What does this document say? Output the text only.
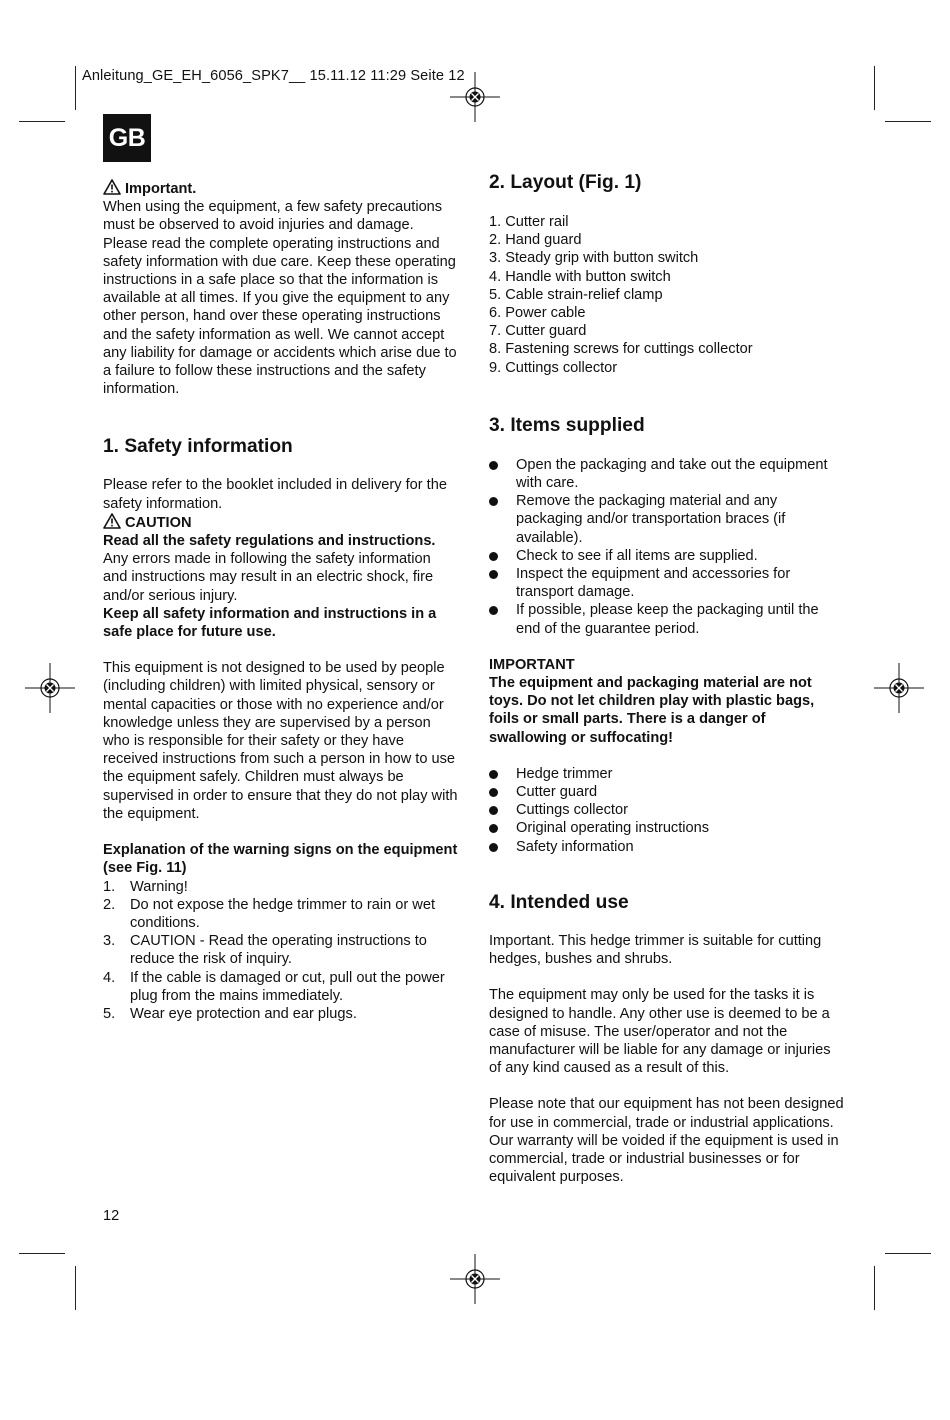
Anleitung_GE_EH_6056_SPK7__ 15.11.12 11:29 Seite 12
GB

Important.

When using the equipment, a few safety precautions must be observed to avoid injuries and damage. Please read the complete operating instructions and safety information with due care. Keep these operating instructions in a safe place so that the information is available at all times. If you give the equipment to any other person, hand over these operating instructions and the safety information as well. We cannot accept any liability for damage or accidents which arise due to a failure to follow these instructions and the safety information.

1. Safety information

Please refer to the booklet included in delivery for the safety information.

CAUTION

Read all the safety regulations and instructions.

Any errors made in following the safety information and instructions may result in an electric shock, fire and/or serious injury.

Keep all safety information and instructions in a safe place for future use.

This equipment is not designed to be used by people (including children) with limited physical, sensory or mental capacities or those with no experience and/or knowledge unless they are supervised by a person who is responsible for their safety or they have received instructions from such a person in how to use the equipment safely. Children must always be supervised in order to ensure that they do not play with the equipment.

Explanation of the warning signs on the equipment (see Fig. 11)

1. Warning!
2. Do not expose the hedge trimmer to rain or wet conditions.
3. CAUTION - Read the operating instructions to reduce the risk of inquiry.
4. If the cable is damaged or cut, pull out the power plug from the mains immediately.
5. Wear eye protection and ear plugs.
2. Layout (Fig. 1)
1. Cutter rail
2. Hand guard
3. Steady grip with button switch
4. Handle with button switch
5. Cable strain-relief clamp
6. Power cable
7. Cutter guard
8. Fastening screws for cuttings collector
9. Cuttings collector
3. Items supplied
Open the packaging and take out the equipment with care.
Remove the packaging material and any packaging and/or transportation braces (if available).
Check to see if all items are supplied.
Inspect the equipment and accessories for transport damage.
If possible, please keep the packaging until the end of the guarantee period.

IMPORTANT

The equipment and packaging material are not toys. Do not let children play with plastic bags, foils or small parts. There is a danger of swallowing or suffocating!

Hedge trimmer
Cutter guard
Cuttings collector
Original operating instructions
Safety information
4. Intended use

Important. This hedge trimmer is suitable for cutting hedges, bushes and shrubs.

The equipment may only be used for the tasks it is designed to handle. Any other use is deemed to be a case of misuse. The user/operator and not the manufacturer will be liable for any damage or injuries of any kind caused as a result of this.

Please note that our equipment has not been designed for use in commercial, trade or industrial applications. Our warranty will be voided if the equipment is used in commercial, trade or industrial businesses or for equivalent purposes.

12
